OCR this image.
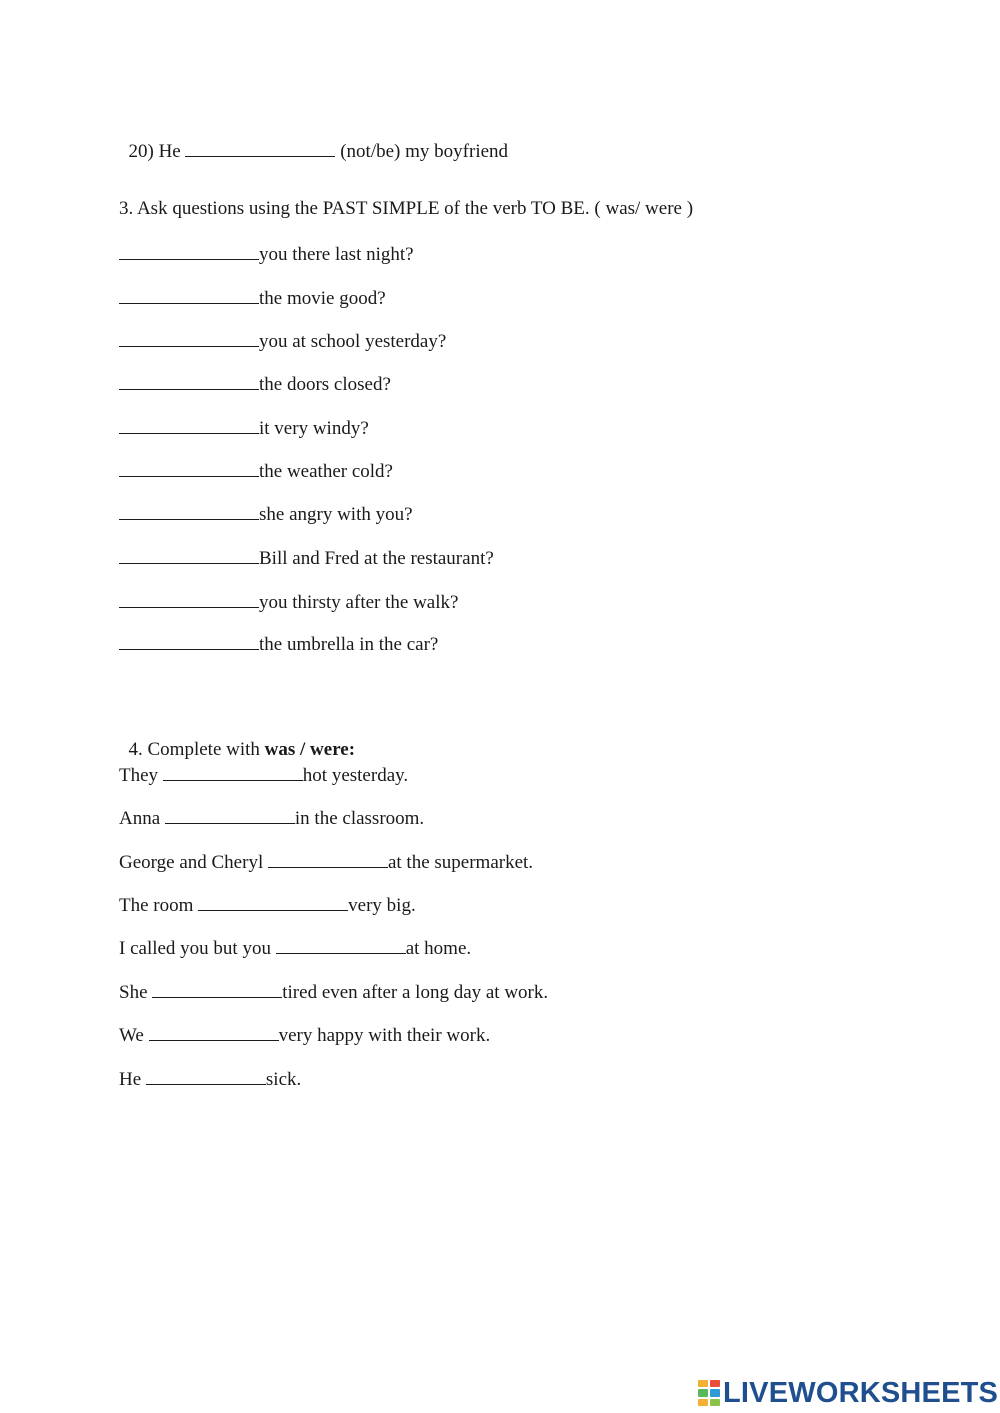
20) He	(not/be) my boyfriend

3. Ask questions using the PAST SIMPLE of the verb TO BE. ( was/ were )
you there last night?
the movie good?
you at school yesterday?
the doors closed?
it very windy?
the weather cold?
she angry with you?
Bill and Fred at the restaurant?
you thirsty after the walk?
the umbrella in the car?

4. Complete with was / were:

They	hot yesterday.
Anna	in the classroom.
George and Cheryl	at the supermarket.
The room	very big.
I called you but you	at home.
She	tired even after a long day at work.
We	very happy with their work.
He	sick.
LIVEWORKSHEETS
